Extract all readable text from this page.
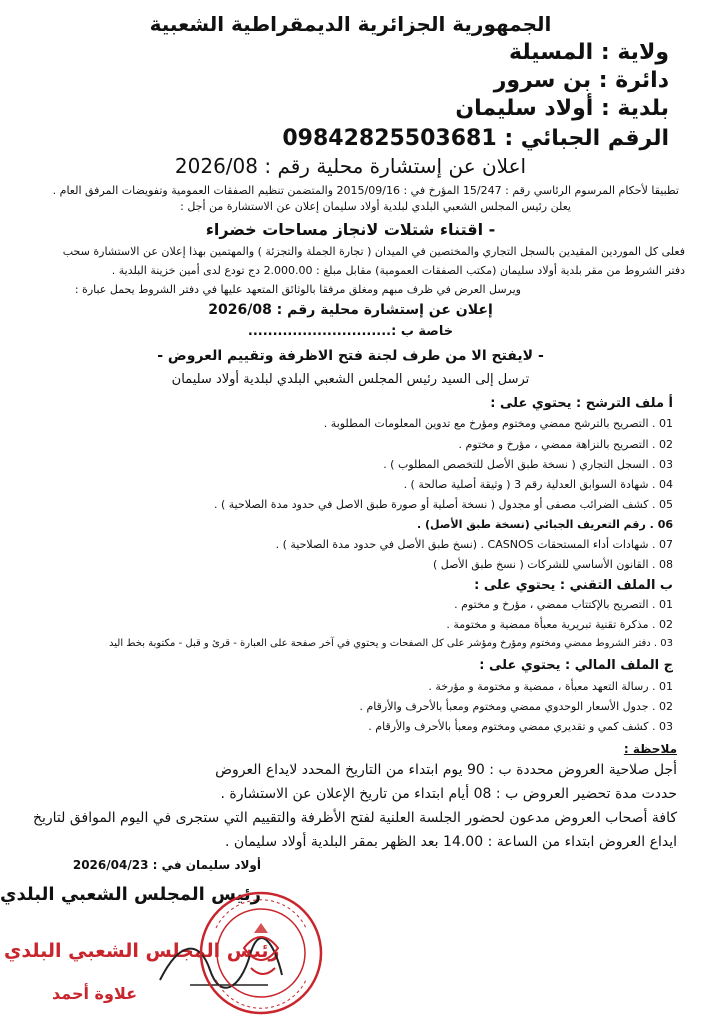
الجمهورية الجزائرية الديمقراطية الشعبية
ولاية : المسيلة
دائرة : بن سرور
بلدية : أولاد سليمان
الرقم الجبائي : 09842825503681
اعلان عن إستشارة محلية رقم : 2026/08
تطبيقا لأحكام المرسوم الرئاسي رقم : 15/247 المؤرخ في : 2015/09/16 والمتضمن تنظيم الصفقات العمومية وتفويضات المرفق العام .
يعلن رئيس المجلس الشعبي البلدي لبلدية أولاد سليمان إعلان عن الاستشارة من أجل :
- اقتناء شتلات لانجاز مساحات خضراء
فعلى كل الموردين المقيدين بالسجل التجاري والمختصين في الميدان ( تجارة الجملة والتجزئة ) والمهتمين بهذا إعلان عن الاستشارة سحب
دفتر الشروط من مقر بلدية أولاد سليمان (مكتب الصفقات العمومية) مقابل مبلغ : 2.000.00 دج تودع لدى أمين خزينة البلدية .
ويرسل العرض في ظرف مبهم ومغلق مرفقا بالوثائق المتعهد عليها في دفتر الشروط يحمل عبارة :
إعلان عن إستشارة محلية رقم : 2026/08
خاصة ب :.............................
- لايفتح الا من طرف لجنة فتح الاظرفة وتقييم العروض -
ترسل إلى السيد رئيس المجلس الشعبي البلدي لبلدية أولاد سليمان
أ ملف الترشح : يحتوي على :
01 . التصريح بالترشح ممضي ومختوم ومؤرخ مع تدوين المعلومات المطلوبة .
02 . التصريح بالنزاهة ممضي ، مؤرخ و مختوم .
03 . السجل التجاري ( نسخة طبق الأصل للتخصص المطلوب ) .
04 . شهادة السوابق العدلية رقم 3 ( وثيقة أصلية صالحة ) .
05 . كشف الضرائب مصفى أو مجدول ( نسخة أصلية أو صورة طبق الاصل في حدود مدة الصلاحية ) .
06 . رقم التعريف الجبائي (نسخة طبق الأصل) .
07 . شهادات أداء المستحقات CASNOS . (نسخ طبق الأصل في حدود مدة الصلاحية ) .
08 . القانون الأساسي للشركات ( نسخ طبق الأصل )
ب الملف التقني : يحتوي على :
01 . التصريح بالإكتتاب ممضي ، مؤرخ و مختوم .
02 . مذكرة تقنية تبريرية معبأة ممضية و مختومة .
03 . دفتر الشروط ممضي ومختوم ومؤرخ ومؤشر على كل الصفحات و يحتوي في آخر صفحة على العبارة - قرئ و قبل - مكتوبة بخط اليد
ج الملف المالي : يحتوي على :
01 . رسالة التعهد معبأة ، ممضية و مختومة و مؤرخة .
02 . جدول الأسعار الوحدوي ممضي ومختوم ومعبأ بالأحرف والأرقام .
03 . كشف كمي و تقديري ممضي ومختوم ومعبأ بالأحرف والأرقام .
ملاحظة :
أجل صلاحية العروض محددة ب : 90 يوم ابتداء من التاريخ المحدد لايداع العروض
حددت مدة تحضير العروض ب : 08 أيام ابتداء من تاريخ الإعلان عن الاستشارة .
كافة أصحاب العروض مدعون لحضور الجلسة العلنية لفتح الأظرفة والتقييم التي ستجرى في اليوم الموافق لتاريخ
ايداع العروض ابتداء من الساعة : 14.00 بعد الظهر بمقر البلدية أولاد سليمان .
أولاد سليمان في : 2026/04/23
رئيس المجلس الشعبي البلدي
رئيس المجلس الشعبي البلدي
علاوة أحمد
